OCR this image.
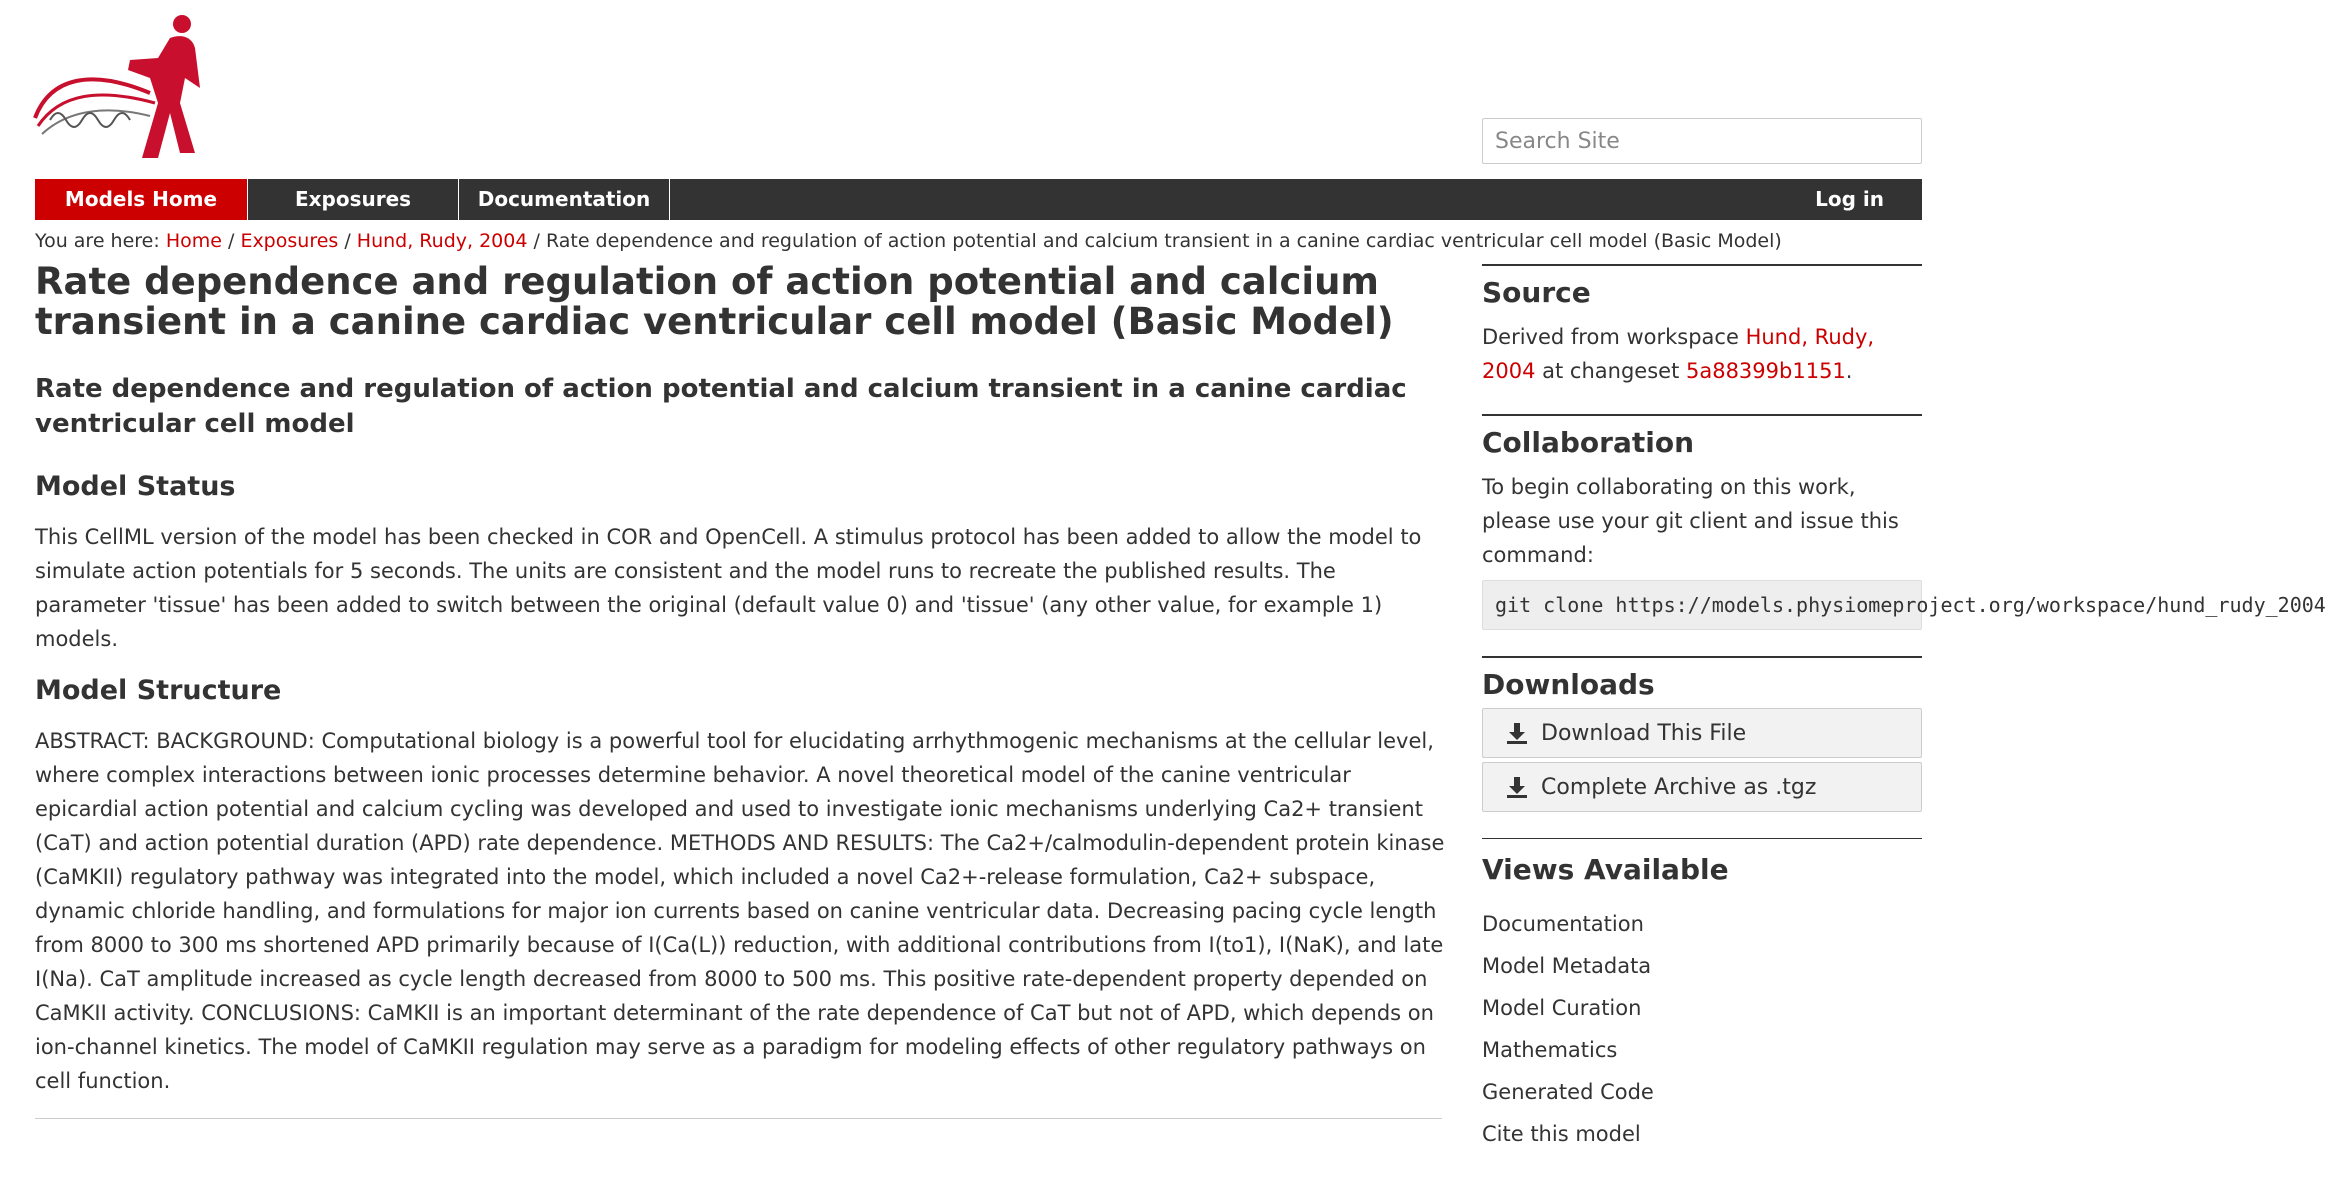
Search Site
Models Home	Exposures	Documentation	Log in
You are here: Home / Exposures / Hund, Rudy, 2004 / Rate dependence and regulation of action potential and calcium transient in a canine cardiac ventricular cell model (Basic Model)
Rate dependence and regulation of action potential and calcium transient in a canine cardiac ventricular cell model (Basic Model)
Rate dependence and regulation of action potential and calcium transient in a canine cardiac ventricular cell model
Model Status

This CellML version of the model has been checked in COR and OpenCell. A stimulus protocol has been added to allow the model to simulate action potentials for 5 seconds. The units are consistent and the model runs to recreate the published results. The parameter 'tissue' has been added to switch between the original (default value 0) and 'tissue' (any other value, for example 1) models.

Model Structure

ABSTRACT: BACKGROUND: Computational biology is a powerful tool for elucidating arrhythmogenic mechanisms at the cellular level, where complex interactions between ionic processes determine behavior. A novel theoretical model of the canine ventricular epicardial action potential and calcium cycling was developed and used to investigate ionic mechanisms underlying Ca2+ transient (CaT) and action potential duration (APD) rate dependence. METHODS AND RESULTS: The Ca2+/calmodulin-dependent protein kinase (CaMKII) regulatory pathway was integrated into the model, which included a novel Ca2+-release formulation, Ca2+ subspace, dynamic chloride handling, and formulations for major ion currents based on canine ventricular data. Decreasing pacing cycle length from 8000 to 300 ms shortened APD primarily because of I(Ca(L)) reduction, with additional contributions from I(to1), I(NaK), and late I(Na). CaT amplitude increased as cycle length decreased from 8000 to 500 ms. This positive rate-dependent property depended on CaMKII activity. CONCLUSIONS: CaMKII is an important determinant of the rate dependence of CaT but not of APD, which depends on ion-channel kinetics. The model of CaMKII regulation may serve as a paradigm for modeling effects of other regulatory pathways on cell function.

Source

Derived from workspace Hund, Rudy, 2004 at changeset 5a88399b1151.

Collaboration

To begin collaborating on this work, please use your git client and issue this command:

git clone https://models.physiomeproject.org/workspace/hund_rudy_2004
Downloads
Download This File
Complete Archive as .tgz
Views Available
Documentation
Model Metadata
Model Curation
Mathematics
Generated Code
Cite this model
